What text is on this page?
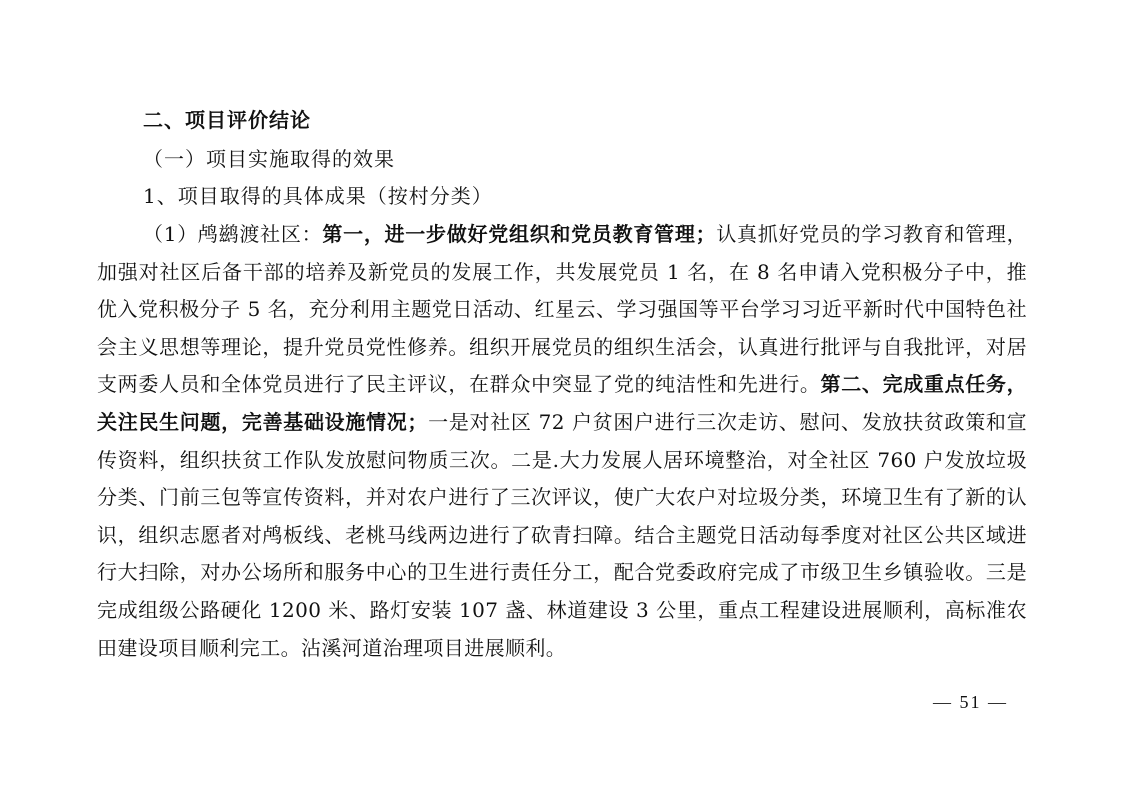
二、项目评价结论
（一）项目实施取得的效果
1、项目取得的具体成果（按村分类）
（1）鸬鹚渡社区：第一，进一步做好党组织和党员教育管理；认真抓好党员的学习教育和管理，加强对社区后备干部的培养及新党员的发展工作，共发展党员 1 名，在 8 名申请入党积极分子中，推优入党积极分子 5 名，充分利用主题党日活动、红星云、学习强国等平台学习习近平新时代中国特色社会主义思想等理论，提升党员党性修养。组织开展党员的组织生活会，认真进行批评与自我批评，对居支两委人员和全体党员进行了民主评议，在群众中突显了党的纯洁性和先进行。第二、完成重点任务，关注民生问题，完善基础设施情况；一是对社区 72 户贫困户进行三次走访、慰问、发放扶贫政策和宣传资料，组织扶贫工作队发放慰问物质三次。二是.大力发展人居环境整治，对全社区 760 户发放垃圾分类、门前三包等宣传资料，并对农户进行了三次评议，使广大农户对垃圾分类，环境卫生有了新的认识，组织志愿者对鸬板线、老桃马线两边进行了砍青扫障。结合主题党日活动每季度对社区公共区域进行大扫除，对办公场所和服务中心的卫生进行责任分工，配合党委政府完成了市级卫生乡镇验收。三是完成组级公路硬化 1200 米、路灯安装 107 盏、林道建设 3 公里，重点工程建设进展顺利，高标准农田建设项目顺利完工。沾溪河道治理项目进展顺利。
— 51 —
